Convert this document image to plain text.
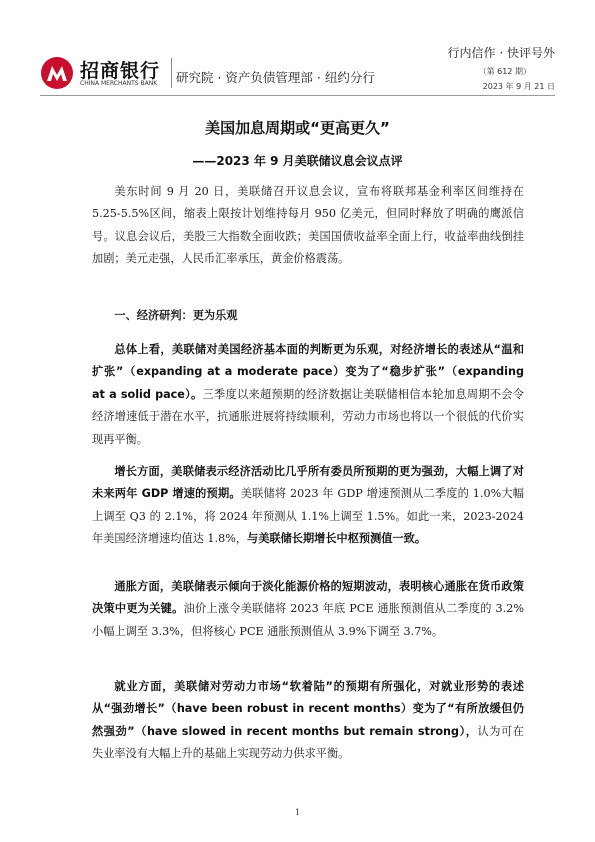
招商银行
CHINA MERCHANTS BANK 研究院 · 资产负债管理部 · 纽约分行
行内信作 · 快评号外
（第 612 期）
2023 年 9 月 21 日
美国加息周期或“更高更久”
——2023 年 9 月美联储议息会议点评

美东时间 9 月 20 日，美联储召开议息会议，宣布将联邦基金利率区间维持在 5.25-5.5%区间，缩表上限按计划维持每月 950 亿美元，但同时释放了明确的鹰派信号。议息会议后，美股三大指数全面收跌；美国国债收益率全面上行，收益率曲线倒挂加剧；美元走强，人民币汇率承压，黄金价格震荡。

一、经济研判：更为乐观

总体上看，美联储对美国经济基本面的判断更为乐观，对经济增长的表述从“温和扩张”（expanding at a moderate pace）变为了“稳步扩张”（expanding at a solid pace）。三季度以来超预期的经济数据让美联储相信本轮加息周期不会令经济增速低于潜在水平，抗通胀进展将持续顺利，劳动力市场也将以一个很低的代价实现再平衡。

增长方面，美联储表示经济活动比几乎所有委员所预期的更为强劲，大幅上调了对未来两年 GDP 增速的预期。美联储将 2023 年 GDP 增速预测从二季度的 1.0%大幅上调至 Q3 的 2.1%，将 2024 年预测从 1.1%上调至 1.5%。如此一来，2023-2024 年美国经济增速均值达 1.8%，与美联储长期增长中枢预测值一致。

通胀方面，美联储表示倾向于淡化能源价格的短期波动，表明核心通胀在货币政策决策中更为关键。油价上涨令美联储将 2023 年底 PCE 通胀预测值从二季度的 3.2%小幅上调至 3.3%，但将核心 PCE 通胀预测值从 3.9%下调至 3.7%。

就业方面，美联储对劳动力市场“软着陆”的预期有所强化，对就业形势的表述从“强劲增长”（have been robust in recent months）变为了“有所放缓但仍然强劲”（have slowed in recent months but remain strong），认为可在失业率没有大幅上升的基础上实现劳动力供求平衡。

1
